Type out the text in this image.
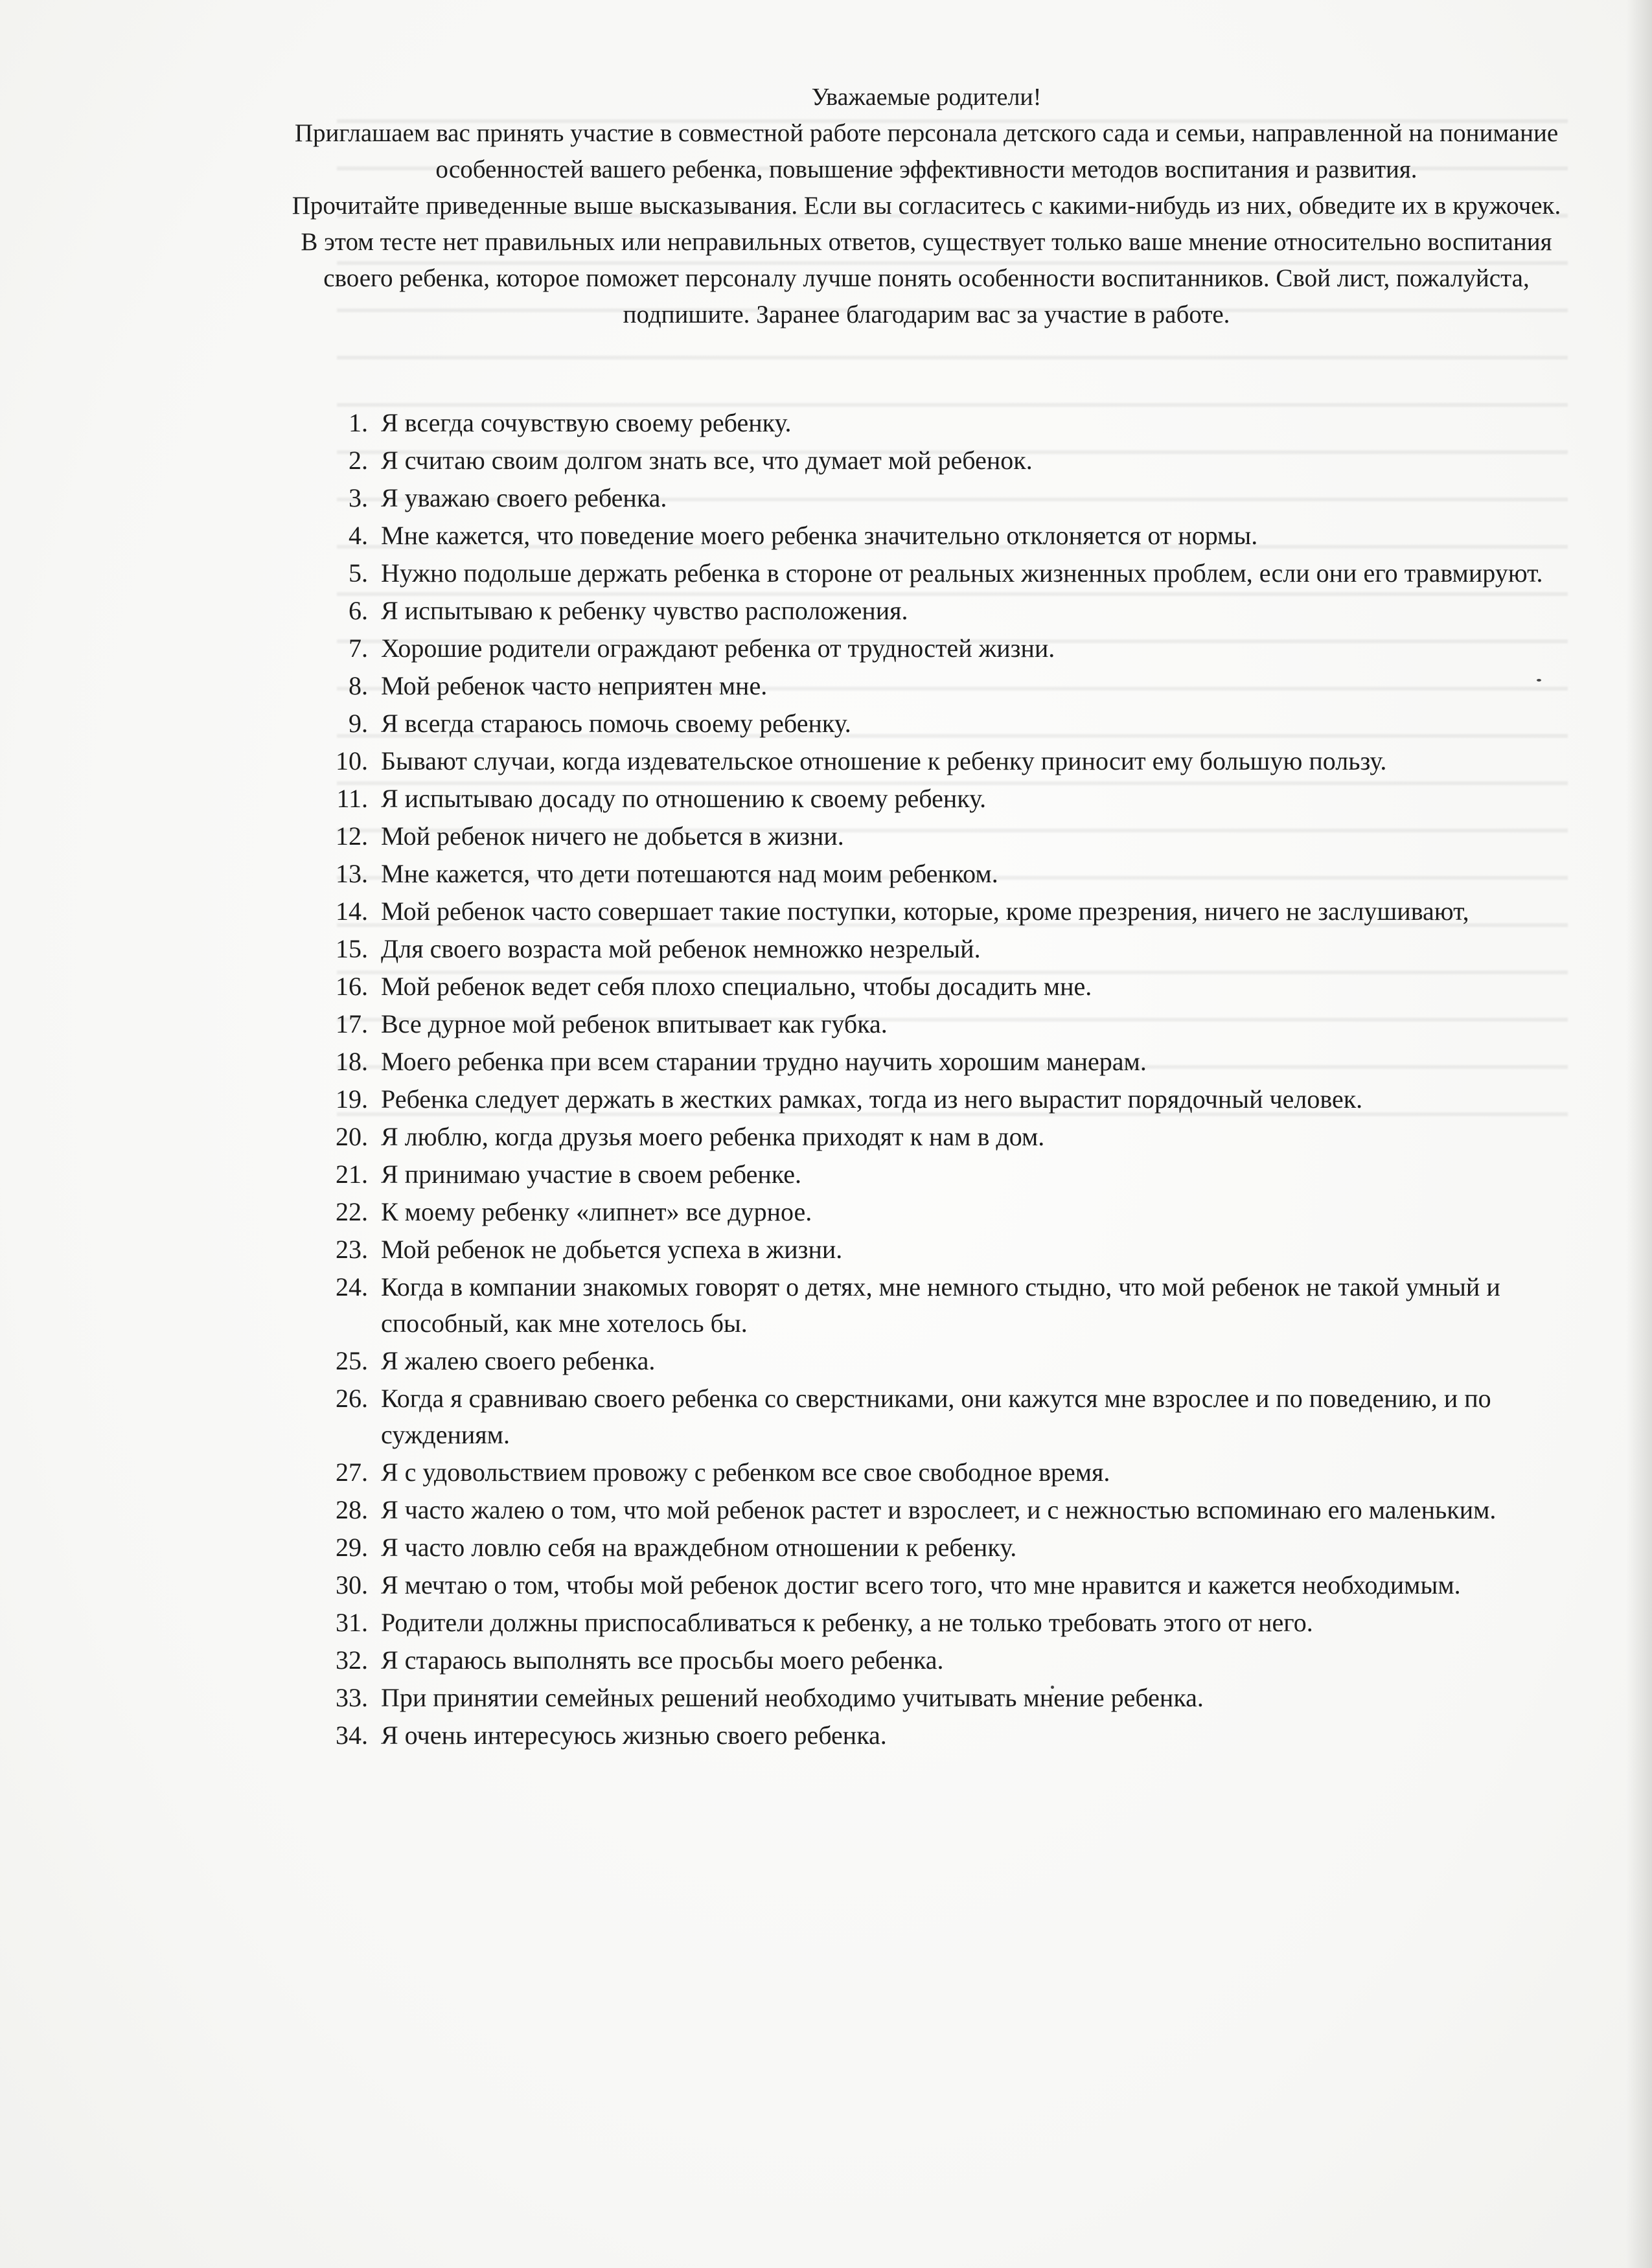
Уважаемые родители!

Приглашаем вас принять участие в совместной работе персонала детского сада и семьи, направленной на понимание особенностей вашего ребенка, повышение эффективности методов воспитания и развития.

Прочитайте приведенные выше высказывания. Если вы согласитесь с какими-нибудь из них, обведите их в кружочек. В этом тесте нет правильных или неправильных ответов, существует только ваше мнение относительно воспитания своего ребенка, которое поможет персоналу лучше понять особенности воспитанников. Свой лист, пожалуйста, подпишите. Заранее благодарим вас за участие в работе.

1. Я всегда сочувствую своему ребенку.
2. Я считаю своим долгом знать все, что думает мой ребенок.
3. Я уважаю своего ребенка.
4. Мне кажется, что поведение моего ребенка значительно отклоняется от нормы.
5. Нужно подольше держать ребенка в стороне от реальных жизненных проблем, если они его травмируют.
6. Я испытываю к ребенку чувство расположения.
7. Хорошие родители ограждают ребенка от трудностей жизни.
8. Мой ребенок часто неприятен мне.
9. Я всегда стараюсь помочь своему ребенку.
10. Бывают случаи, когда издевательское отношение к ребенку приносит ему большую пользу.
11. Я испытываю досаду по отношению к своему ребенку.
12. Мой ребенок ничего не добьется в жизни.
13. Мне кажется, что дети потешаются над моим ребенком.
14. Мой ребенок часто совершает такие поступки, которые, кроме презрения, ничего не заслушивают,
15. Для своего возраста мой ребенок немножко незрелый.
16. Мой ребенок ведет себя плохо специально, чтобы досадить мне.
17. Все дурное мой ребенок впитывает как губка.
18. Моего ребенка при всем старании трудно научить хорошим манерам.
19. Ребенка следует держать в жестких рамках, тогда из него вырастит порядочный человек.
20. Я люблю, когда друзья моего ребенка приходят к нам в дом.
21. Я принимаю участие в своем ребенке.
22. К моему ребенку «липнет» все дурное.
23. Мой ребенок не добьется успеха в жизни.
24. Когда в компании знакомых говорят о детях, мне немного стыдно, что мой ребенок не такой умный и способный, как мне хотелось бы.
25. Я жалею своего ребенка.
26. Когда я сравниваю своего ребенка со сверстниками, они кажутся мне взрослее и по поведению, и по суждениям.
27. Я с удовольствием провожу с ребенком все свое свободное время.
28. Я часто жалею о том, что мой ребенок растет и взрослеет, и с нежностью вспоминаю его маленьким.
29. Я часто ловлю себя на враждебном отношении к ребенку.
30. Я мечтаю о том, чтобы мой ребенок достиг всего того, что мне нравится и кажется необходимым.
31. Родители должны приспосабливаться к ребенку, а не только требовать этого от него.
32. Я стараюсь выполнять все просьбы моего ребенка.
33. При принятии семейных решений необходимо учитывать мнение ребенка.
34. Я очень интересуюсь жизнью своего ребенка.
